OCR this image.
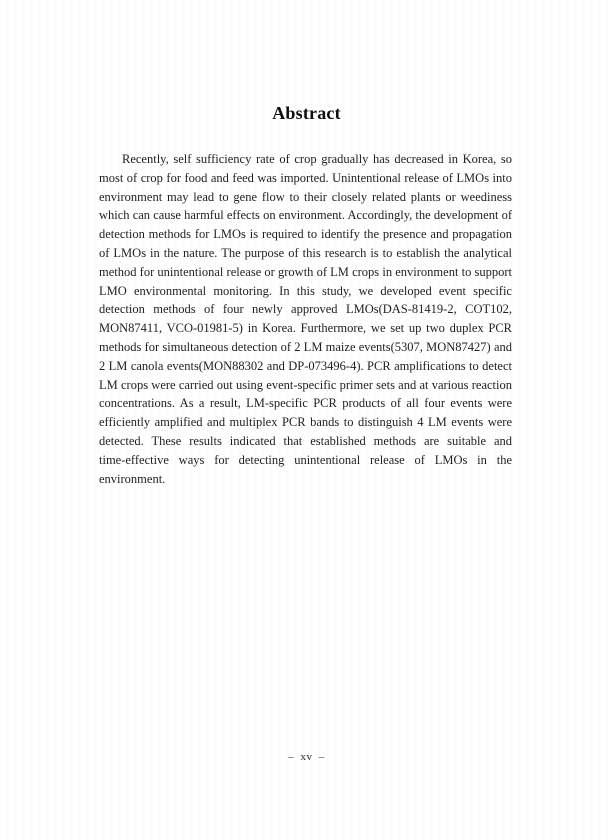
Abstract
Recently, self sufficiency rate of crop gradually has decreased in Korea, so
most of crop for food and feed was imported. Unintentional release of LMOs into
environment may lead to gene flow to their closely related plants or weediness
which can cause harmful effects on environment. Accordingly, the development of
detection methods for LMOs is required to identify the presence and propagation
of LMOs in the nature. The purpose of this research is to establish the analytical
method for unintentional release or growth of LM crops in environment to support
LMO environmental monitoring. In this study, we developed event specific
detection methods of four newly approved LMOs(DAS-81419-2, COT102,
MON87411, VCO-01981-5) in Korea. Furthermore, we set up two duplex PCR
methods for simultaneous detection of 2 LM maize events(5307, MON87427) and
2 LM canola events(MON88302 and DP-073496-4). PCR amplifications to detect
LM crops were carried out using event-specific primer sets and at various reaction
concentrations. As a result, LM-specific PCR products of all four events were
efficiently amplified and multiplex PCR bands to distinguish 4 LM events were
detected. These results indicated that established methods are suitable and
time-effective ways for detecting unintentional release of LMOs in the
environment.
– xv –
